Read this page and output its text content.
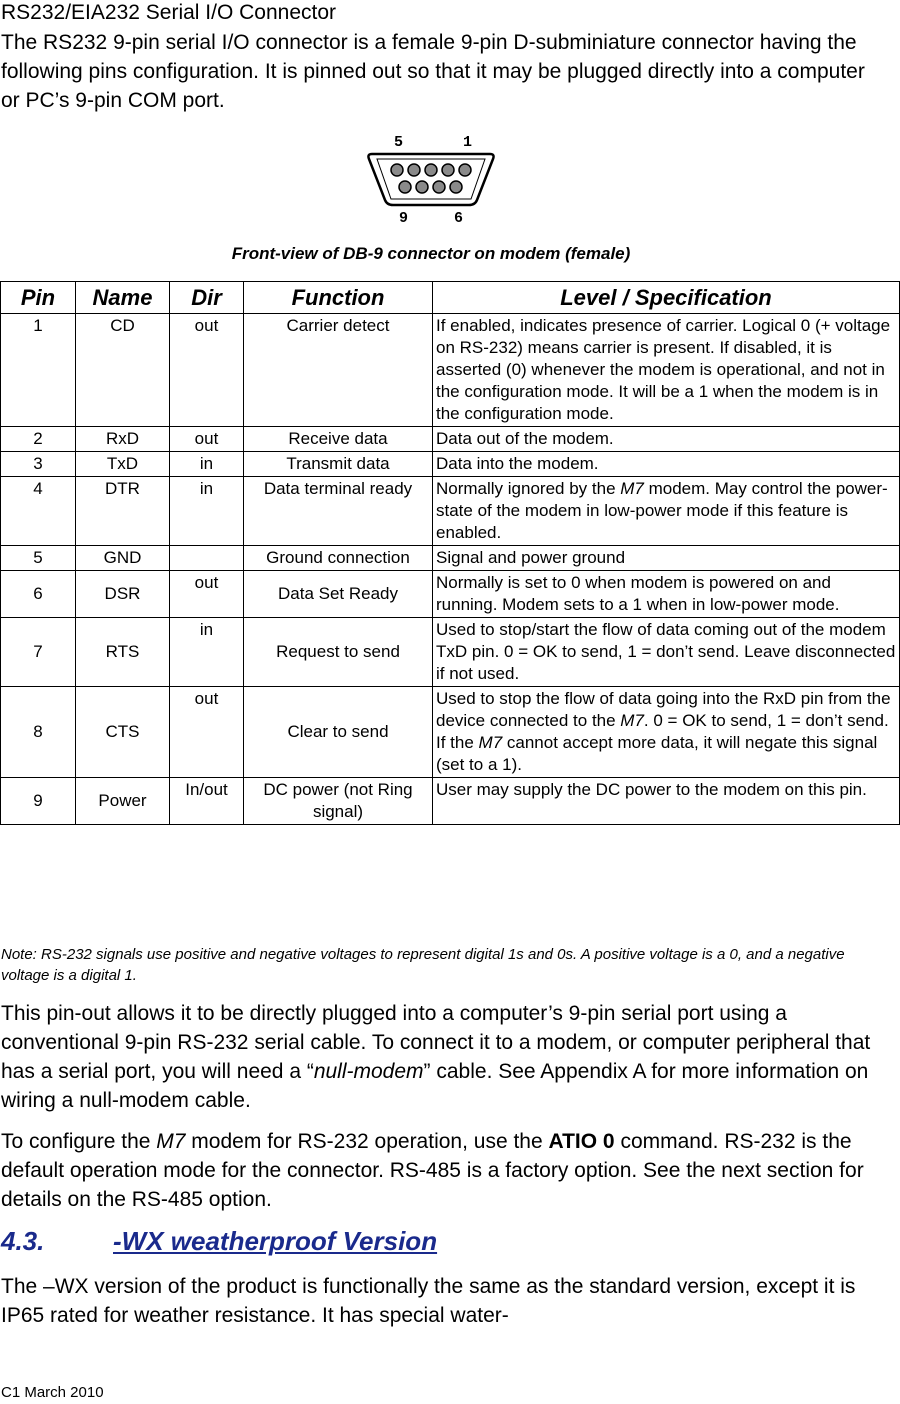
RS232/EIA232 Serial I/O Connector
The RS232 9-pin serial I/O connector is a female 9-pin D-subminiature connector having the following pins configuration. It is pinned out so that it may be plugged directly into a computer or PC’s 9-pin COM port.
5	1
9	6
Front-view of DB-9 connector on modem (female)
Pin	Name	Dir	Function	Level / Specification
1	CD	out	Carrier detect	If enabled, indicates presence of carrier. Logical 0 (+ voltage on RS-232) means carrier is present. If disabled, it is asserted (0) whenever the modem is operational, and not in the configuration mode. It will be a 1 when the modem is in the configuration mode.
2	RxD	out	Receive data	Data out of the modem.
3	TxD	in	Transmit data	Data into the modem.
4	DTR	in	Data terminal ready	Normally ignored by the M7 modem. May control the power-state of the modem in low-power mode if this feature is enabled.
5	GND		Ground connection	Signal and power ground
6	DSR	out	Data Set Ready	Normally is set to 0 when modem is powered on and running. Modem sets to a 1 when in low-power mode.
7	RTS	in	Request to send	Used to stop/start the flow of data coming out of the modem TxD pin. 0 = OK to send, 1 = don’t send. Leave disconnected if not used.
8	CTS	out	Clear to send	Used to stop the flow of data going into the RxD pin from the device connected to the M7. 0 = OK to send, 1 = don’t send. If the M7 cannot accept more data, it will negate this signal (set to a 1).
9	Power	In/out	DC power (not Ring signal)	User may supply the DC power to the modem on this pin.
Note: RS-232 signals use positive and negative voltages to represent digital 1s and 0s. A positive voltage is a 0, and a negative voltage is a digital 1.
This pin-out allows it to be directly plugged into a computer’s 9-pin serial port using a conventional 9-pin RS-232 serial cable. To connect it to a modem, or computer peripheral that has a serial port, you will need a “null-modem” cable. See Appendix A for more information on wiring a null-modem cable.
To configure the M7 modem for RS-232 operation, use the ATIO 0 command. RS-232 is the default operation mode for the connector. RS-485 is a factory option. See the next section for details on the RS-485 option.
4.3.	-WX weatherproof Version
The –WX version of the product is functionally the same as the standard version, except it is IP65 rated for weather resistance. It has special water-
C1 March 2010
